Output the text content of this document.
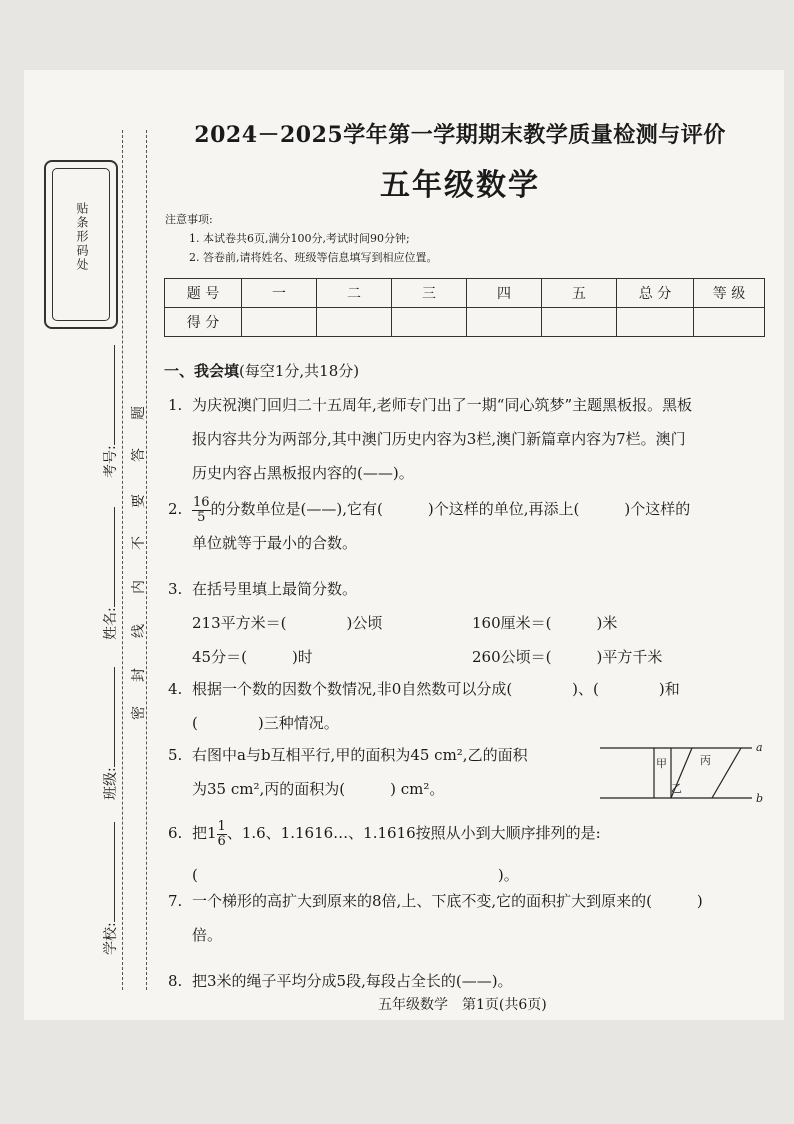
贴条形码处
考号:
姓名:
班级:
学校:
题
答
要
不
内
线
封
密
2024－2025学年第一学期期末教学质量检测与评价
五年级数学
注意事项:
1. 本试卷共6页,满分100分,考试时间90分钟;
2. 答卷前,请将姓名、班级等信息填写到相应位置。
题 号	一	二	三	四	五	总 分	等 级
得 分							
一、我会填(每空1分,共18分)
1. 为庆祝澳门回归二十五周年,老师专门出了一期“同心筑梦”主题黑板报。黑板
报内容共分为两部分,其中澳门历史内容为3栏,澳门新篇章内容为7栏。澳门
历史内容占黑板报内容的(——)。
2. $\frac{16}{5}$ 的分数单位是(——),它有(　　　)个这样的单位,再添上(　　　)个这样的
单位就等于最小的合数。
3. 在括号里填上最简分数。
213平方米＝(　　　　)公顷	160厘米＝(　　　)米
45分＝(　　　)时	260公顷＝(　　　)平方千米
4. 根据一个数的因数个数情况,非0自然数可以分成(　　　　)、(　　　　)和
(　　　　)三种情况。
5. 右图中a与b互相平行,甲的面积为45 cm²,乙的面积
为35 cm²,丙的面积为(　　　) cm²。
甲
乙
丙
a
b
6. 把$1 \frac{1}{6}$ 、1.6、1.1616…、1.1616按照从小到大顺序排列的是:
(　　　　　　　　　　　　　　　　　　　　)。
7. 一个梯形的高扩大到原来的8倍,上、下底不变,它的面积扩大到原来的(　　　)
倍。
8. 把3米的绳子平均分成5段,每段占全长的(——)。
五年级数学　第1页(共6页)
